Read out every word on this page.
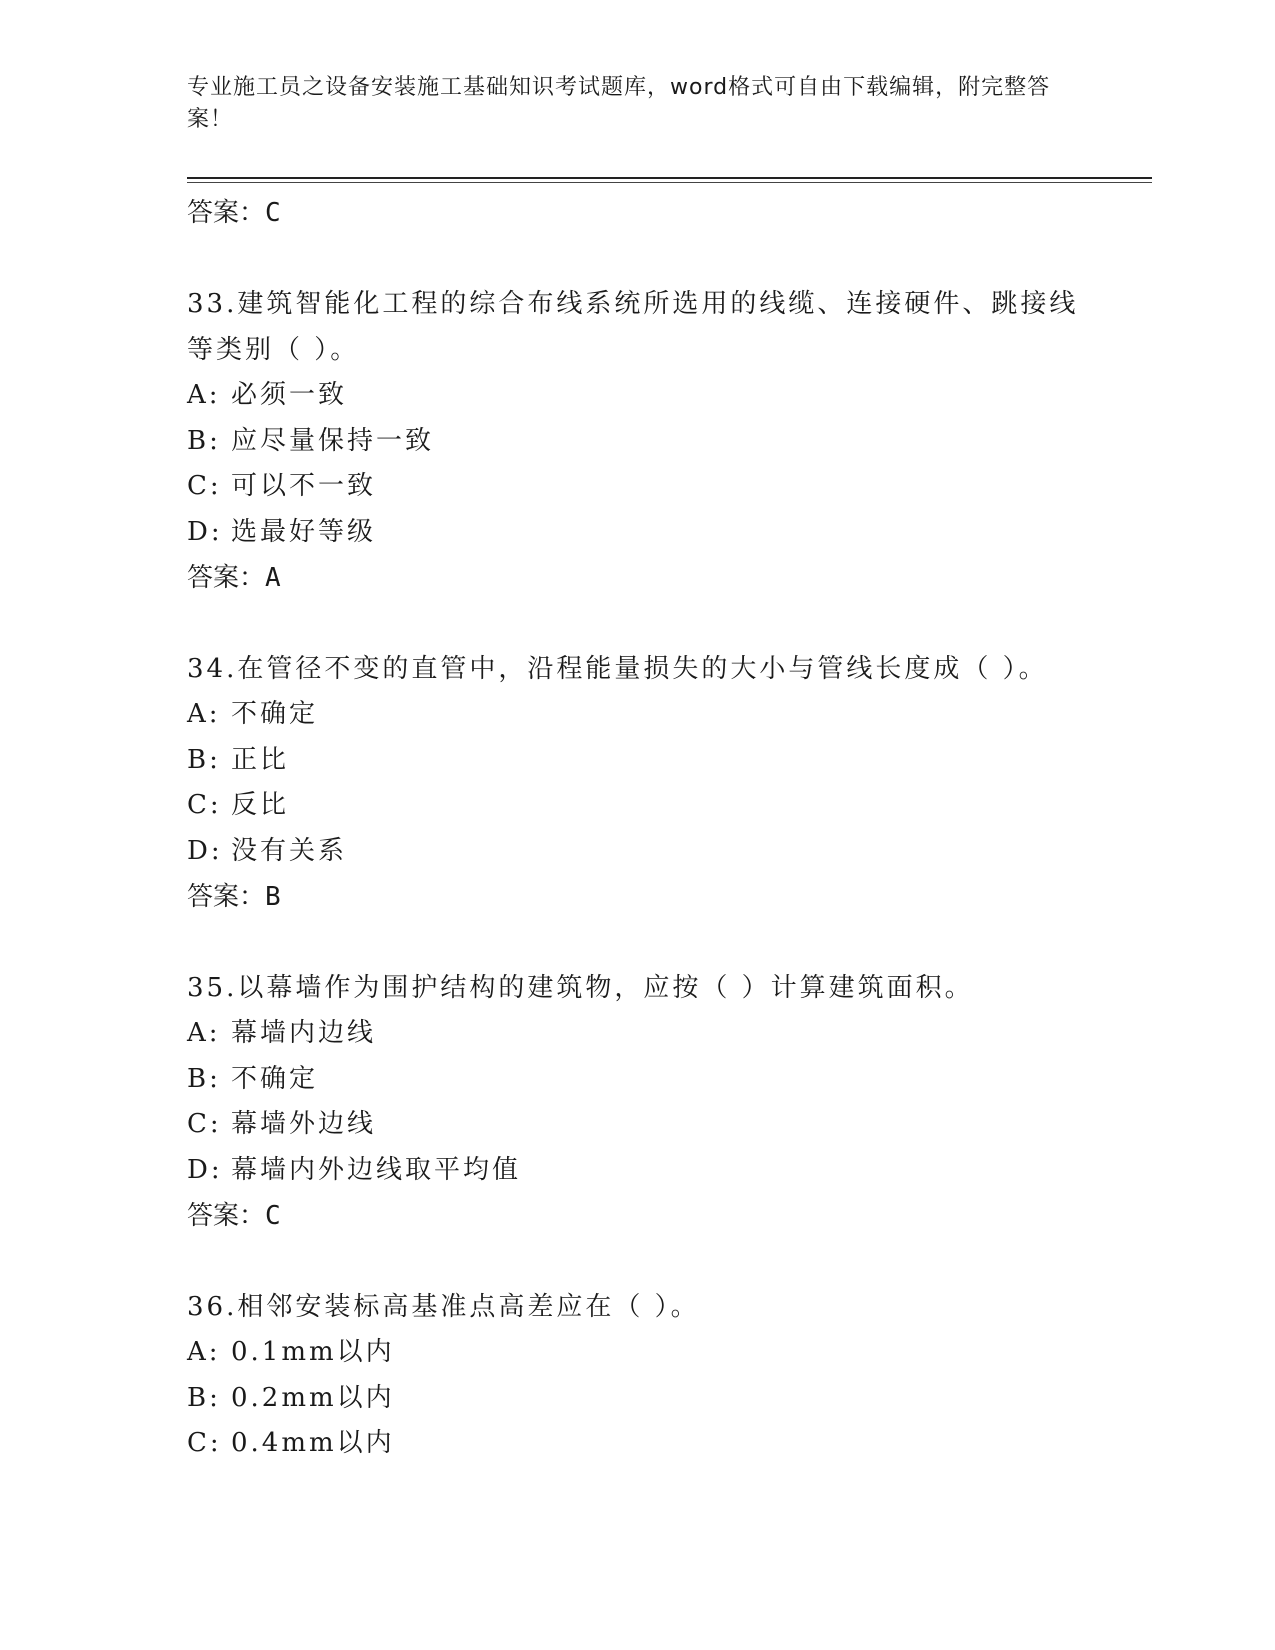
专业施工员之设备安装施工基础知识考试题库，word格式可自由下载编辑，附完整答案！
答案：C
33.建筑智能化工程的综合布线系统所选用的线缆、连接硬件、跳接线等类别（ ）。
A: 必须一致
B: 应尽量保持一致
C: 可以不一致
D: 选最好等级
答案：A
34.在管径不变的直管中，沿程能量损失的大小与管线长度成（ ）。
A: 不确定
B: 正比
C: 反比
D: 没有关系
答案：B
35.以幕墙作为围护结构的建筑物，应按（ ）计算建筑面积。
A: 幕墙内边线
B: 不确定
C: 幕墙外边线
D: 幕墙内外边线取平均值
答案：C
36.相邻安装标高基准点高差应在（ ）。
A: 0.1mm以内
B: 0.2mm以内
C: 0.4mm以内
